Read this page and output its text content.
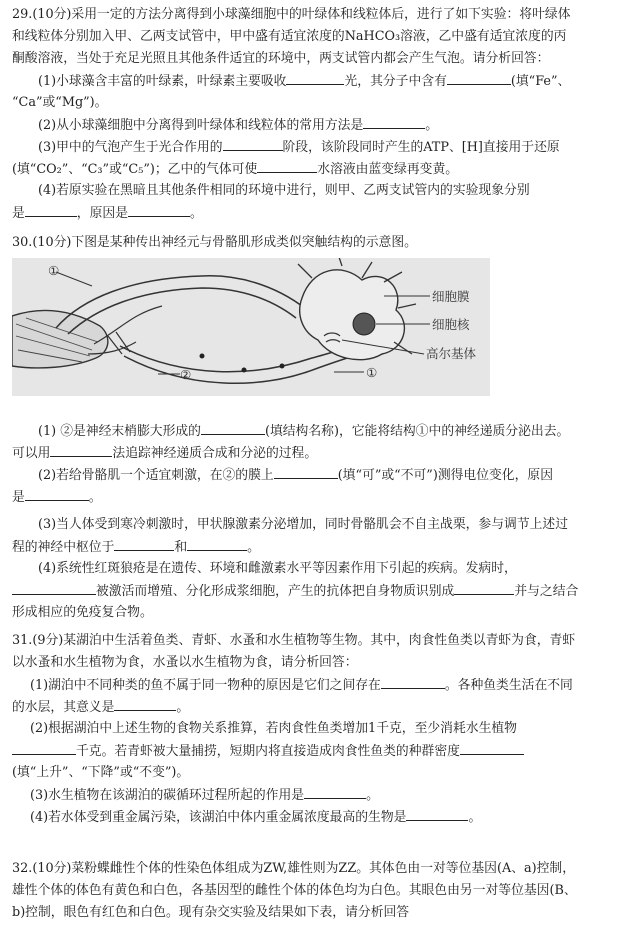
29.(10分)采用一定的方法分离得到小球藻细胞中的叶绿体和线粒体后，进行了如下实验：将叶绿体
和线粒体分别加入甲、乙两支试管中，甲中盛有适宜浓度的NaHCO₃溶液，乙中盛有适宜浓度的丙
酮酸溶液，当处于充足光照且其他条件适宜的环境中，两支试管内都会产生气泡。请分析回答：
(1)小球藻含丰富的叶绿素，叶绿素主要吸收	光，其分子中含有	(填“Fe”、
“Ca”或“Mg”)。
(2)从小球藻细胞中分离得到叶绿体和线粒体的常用方法是	。
(3)甲中的气泡产生于光合作用的	阶段，该阶段同时产生的ATP、[H]直接用于还原
(填“CO₂”、“C₃”或“C₅”)；乙中的气体可使	水溶液由蓝变绿再变黄。
(4)若原实验在黑暗且其他条件相同的环境中进行，则甲、乙两支试管内的实验现象分别
是	，原因是	。
30.(10分)下图是某种传出神经元与骨骼肌形成类似突触结构的示意图。
①
②	①
细胞膜
细胞核
高尔基体
(1) ②是神经末梢膨大形成的	(填结构名称)，它能将结构①中的神经递质分泌出去。
可以用	法追踪神经递质合成和分泌的过程。
(2)若给骨骼肌一个适宜刺激，在②的膜上	(填“可”或“不可”)测得电位变化，原因
是	。
(3)当人体受到寒冷刺激时，甲状腺激素分泌增加，同时骨骼肌会不自主战栗，参与调节上述过
程的神经中枢位于	和	。
(4)系统性红斑狼疮是在遗传、环境和雌激素水平等因素作用下引起的疾病。发病时，
被激活而增殖、分化形成浆细胞，产生的抗体把自身物质识别成	并与之结合
形成相应的免疫复合物。
31.(9分)某湖泊中生活着鱼类、青虾、水蚤和水生植物等生物。其中，肉食性鱼类以青虾为食，青虾
以水蚤和水生植物为食，水蚤以水生植物为食，请分析回答：
(1)湖泊中不同种类的鱼不属于同一物种的原因是它们之间存在	。各种鱼类生活在不同
的水层，其意义是	。
(2)根据湖泊中上述生物的食物关系推算，若肉食性鱼类增加1千克，至少消耗水生植物
千克。若青虾被大量捕捞，短期内将直接造成肉食性鱼类的种群密度
(填“上升”、“下降”或“不变”)。
(3)水生植物在该湖泊的碳循环过程所起的作用是	。
(4)若水体受到重金属污染，该湖泊中体内重金属浓度最高的生物是	。
32.(10分)菜粉蝶雌性个体的性染色体组成为ZW,雄性则为ZZ。其体色由一对等位基因(A、a)控制，
雄性个体的体色有黄色和白色，各基因型的雌性个体的体色均为白色。其眼色由另一对等位基因(B、
b)控制，眼色有红色和白色。现有杂交实验及结果如下表，请分析回答
